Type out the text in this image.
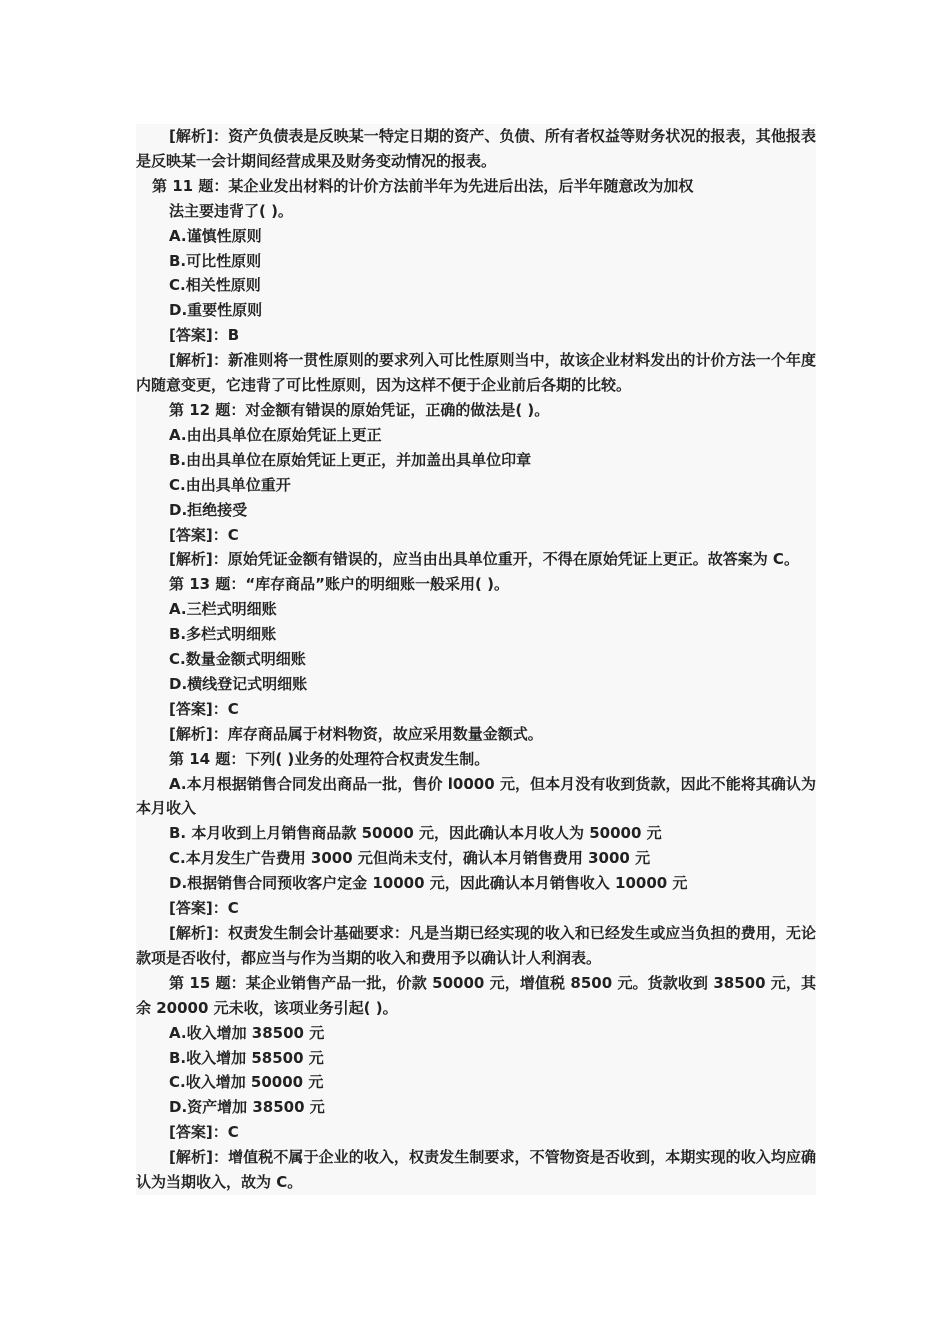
[解析]：资产负债表是反映某一特定日期的资产、负债、所有者权益等财务状况的报表，其他报表是反映某一会计期间经营成果及财务变动情况的报表。
第 11 题：某企业发出材料的计价方法前半年为先进后出法，后半年随意改为加权
法主要违背了( )。
A.谨慎性原则
B.可比性原则
C.相关性原则
D.重要性原则
[答案]：B
[解析]：新准则将一贯性原则的要求列入可比性原则当中，故该企业材料发出的计价方法一个年度内随意变更，它违背了可比性原则，因为这样不便于企业前后各期的比较。
第 12 题：对金额有错误的原始凭证，正确的做法是( )。
A.由出具单位在原始凭证上更正
B.由出具单位在原始凭证上更正，并加盖出具单位印章
C.由出具单位重开
D.拒绝接受
[答案]：C
[解析]：原始凭证金额有错误的，应当由出具单位重开，不得在原始凭证上更正。故答案为 C。
第 13 题：“库存商品”账户的明细账一般采用( )。
A.三栏式明细账
B.多栏式明细账
C.数量金额式明细账
D.横线登记式明细账
[答案]：C
[解析]：库存商品属于材料物资，故应采用数量金额式。
第 14 题：下列( )业务的处理符合权责发生制。
A.本月根据销售合同发出商品一批，售价 l0000 元，但本月没有收到货款，因此不能将其确认为本月收入
B. 本月收到上月销售商品款 50000 元，因此确认本月收人为 50000 元
C.本月发生广告费用 3000 元但尚未支付，确认本月销售费用 3000 元
D.根据销售合同预收客户定金 10000 元，因此确认本月销售收入 10000 元
[答案]：C
[解析]：权责发生制会计基础要求：凡是当期已经实现的收入和已经发生或应当负担的费用，无论款项是否收付，都应当与作为当期的收入和费用予以确认计人利润表。
第 15 题：某企业销售产品一批，价款 50000 元，增值税 8500 元。货款收到 38500 元，其余 20000 元未收，该项业务引起( )。
A.收入增加 38500 元
B.收入增加 58500 元
C.收入增加 50000 元
D.资产增加 38500 元
[答案]：C
[解析]：增值税不属于企业的收入，权责发生制要求，不管物资是否收到，本期实现的收入均应确认为当期收入，故为 C。
